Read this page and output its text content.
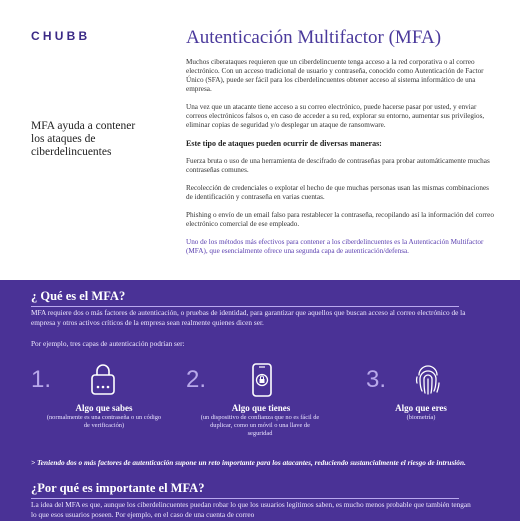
CHUBB	Autenticación Multifactor (MFA)
MFA ayuda a contener los ataques de ciberdelincuentes

Muchos ciberataques requieren que un ciberdelincuente tenga acceso a la red corporativa o al correo electrónico. Con un acceso tradicional de usuario y contraseña, conocido como Autenticación de Factor Único (SFA), puede ser fácil para los ciberdelincuentes obtener acceso al sistema informático de una empresa.

Una vez que un atacante tiene acceso a su correo electrónico, puede hacerse pasar por usted, y enviar correos electrónicos falsos o, en caso de acceder a su red, explorar su entorno, aumentar sus privilegios, eliminar copias de seguridad y/o desplegar un ataque de ransomware.

Este tipo de ataques pueden ocurrir de diversas maneras:

Fuerza bruta o uso de una herramienta de descifrado de contraseñas para probar automáticamente muchas contraseñas comunes.

Recolección de credenciales o explotar el hecho de que muchas personas usan las mismas combinaciones de identificación y contraseña en varias cuentas.

Phishing o envío de un email falso para restablecer la contraseña, recopilando así la información del correo electrónico comercial de ese empleado.

Uno de los métodos más efectivos para contener a los ciberdelincuentes es la Autenticación Multifactor (MFA), que esencialmente ofrece una segunda capa de autenticación/defensa.

¿ Qué es el MFA?

MFA requiere dos o más factores de autenticación, o pruebas de identidad, para garantizar que aquellos que buscan acceso al correo electrónico de la empresa y otros activos críticos de la empresa sean realmente quienes dicen ser.

Por ejemplo, tres capas de autenticación podrían ser:

1.
Algo que sabes
(normalmente es una contraseña o un código de verificación)
2.
Algo que tienes
(un dispositivo de confianza que no es fácil de duplicar, como un móvil o una llave de seguridad
3.
Algo que eres
(biometría)
> Teniendo dos o más factores de autenticación supone un reto importante para los atacantes, reduciendo sustancialmente el riesgo de intrusión.
¿Por qué es importante el MFA?

La idea del MFA es que, aunque los ciberdelincuentes puedan robar lo que los usuarios legítimos saben, es mucho menos probable que también tengan lo que esos usuarios poseen. Por ejemplo, en el caso de una cuenta de correo
